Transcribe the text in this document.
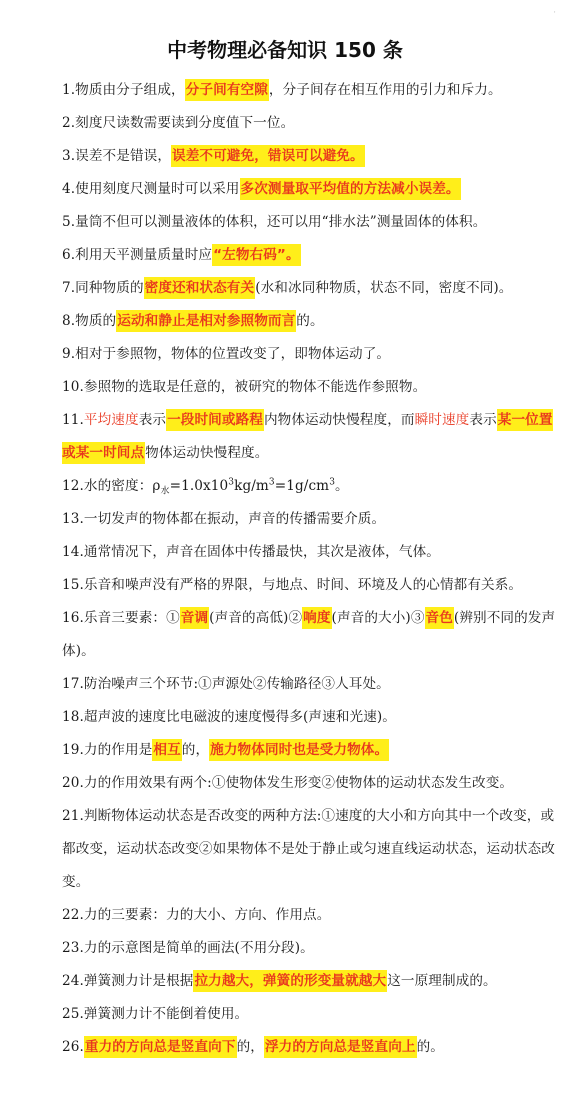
·
中考物理必备知识 150 条
1.物质由分子组成，分子间有空隙，分子间存在相互作用的引力和斥力。
2.刻度尺读数需要读到分度值下一位。
3.误差不是错误，误差不可避免，错误可以避免。
4.使用刻度尺测量时可以采用多次测量取平均值的方法减小误差。
5.量筒不但可以测量液体的体积，还可以用“排水法”测量固体的体积。
6.利用天平测量质量时应“左物右码”。
7.同种物质的密度还和状态有关(水和冰同种物质，状态不同，密度不同)。
8.物质的运动和静止是相对参照物而言的。
9.相对于参照物，物体的位置改变了，即物体运动了。
10.参照物的选取是任意的，被研究的物体不能选作参照物。
11.平均速度表示一段时间或路程内物体运动快慢程度，而瞬时速度表示某一位置或某一时间点物体运动快慢程度。
12.水的密度：$\rho_水=1.0x10^3kg/m^3=1g/cm^3$。
13.一切发声的物体都在振动，声音的传播需要介质。
14.通常情况下，声音在固体中传播最快，其次是液体，气体。
15.乐音和噪声没有严格的界限，与地点、时间、环境及人的心情都有关系。
16.乐音三要素：①音调(声音的高低)②响度(声音的大小)③音色(辨别不同的发声体)。
17.防治噪声三个环节:①声源处②传输路径③人耳处。
18.超声波的速度比电磁波的速度慢得多(声速和光速)。
19.力的作用是相互的，施力物体同时也是受力物体。
20.力的作用效果有两个:①使物体发生形变②使物体的运动状态发生改变。
21.判断物体运动状态是否改变的两种方法:①速度的大小和方向其中一个改变，或都改变，运动状态改变②如果物体不是处于静止或匀速直线运动状态，运动状态改变。
22.力的三要素：力的大小、方向、作用点。
23.力的示意图是简单的画法(不用分段)。
24.弹簧测力计是根据拉力越大，弹簧的形变量就越大这一原理制成的。
25.弹簧测力计不能倒着使用。
26.重力的方向总是竖直向下的，浮力的方向总是竖直向上的。
